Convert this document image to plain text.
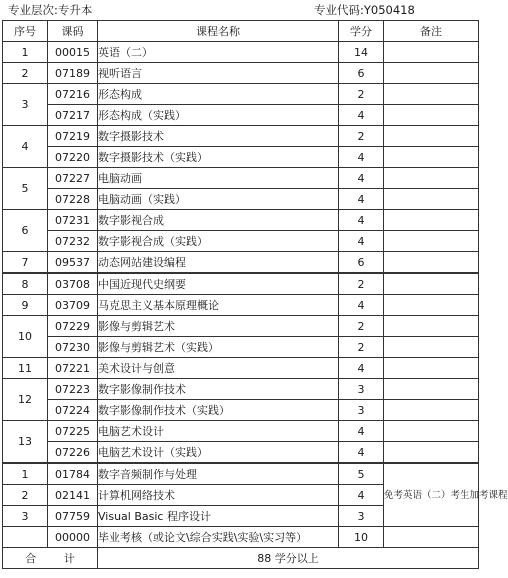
专业层次:专升本	专业代码:Y050418
序号	课码	课程名称	学分	备注
1	00015	英语（二）	14	
2	07189	视听语言	6	
3	07216	形态构成	2	
	07217	形态构成（实践）	4	
4	07219	数字摄影技术	2	
	07220	数字摄影技术（实践）	4	
5	07227	电脑动画	4	
	07228	电脑动画（实践）	4	
6	07231	数字影视合成	4	
	07232	数字影视合成（实践）	4	
7	09537	动态网站建设编程	6	
8	03708	中国近现代史纲要	2	
9	03709	马克思主义基本原理概论	4	
10	07229	影像与剪辑艺术	2	
	07230	影像与剪辑艺术（实践）	2	
11	07221	美术设计与创意	4	
12	07223	数字影像制作技术	3	
	07224	数字影像制作技术（实践）	3	
13	07225	电脑艺术设计	4	
	07226	电脑艺术设计（实践）	4	
1	01784	数字音频制作与处理	5	免考英语（二）考生加考课程
2	02141	计算机网络技术	4	
3	07759	Visual Basic 程序设计	3	
	00000	毕业考核（或论文\综合实践\实验\实习等）	10	
合 计		88 学分以上		
